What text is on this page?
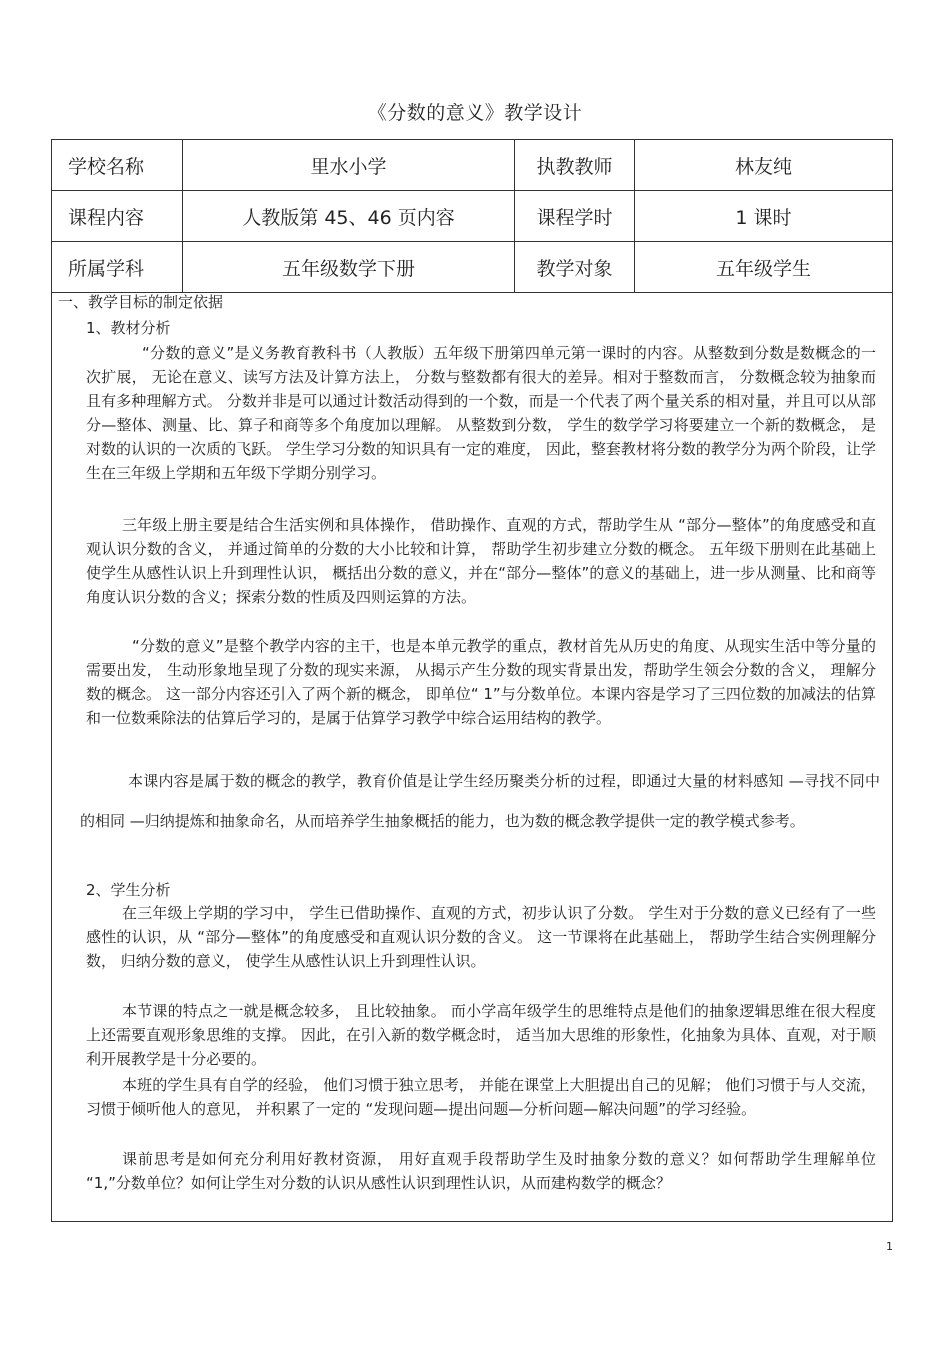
《分数的意义》教学设计
学校名称	里水小学	执教教师	林友纯
课程内容	人教版第 45、46 页内容	课程学时	1 课时
所属学科	五年级数学下册	教学对象	五年级学生
一、教学目标的制定依据
1、教材分析
“分数的意义”是义务教育教科书（人教版）五年级下册第四单元第一课时的内容。从整数到分数是数概念的一次扩展， 无论在意义、读写方法及计算方法上， 分数与整数都有很大的差异。相对于整数而言， 分数概念较为抽象而且有多种理解方式。 分数并非是可以通过计数活动得到的一个数，而是一个代表了两个量关系的相对量，并且可以从部分—整体、测量、比、算子和商等多个角度加以理解。 从整数到分数， 学生的数学学习将要建立一个新的数概念， 是对数的认识的一次质的飞跃。 学生学习分数的知识具有一定的难度， 因此，整套教材将分数的教学分为两个阶段，让学生在三年级上学期和五年级下学期分别学习。
三年级上册主要是结合生活实例和具体操作， 借助操作、直观的方式，帮助学生从 “部分—整体”的角度感受和直观认识分数的含义， 并通过简单的分数的大小比较和计算， 帮助学生初步建立分数的概念。 五年级下册则在此基础上使学生从感性认识上升到理性认识， 概括出分数的意义，并在“部分—整体”的意义的基础上，进一步从测量、比和商等角度认识分数的含义；探索分数的性质及四则运算的方法。
“分数的意义”是整个教学内容的主干，也是本单元教学的重点，教材首先从历史的角度、从现实生活中等分量的需要出发， 生动形象地呈现了分数的现实来源， 从揭示产生分数的现实背景出发，帮助学生领会分数的含义， 理解分数的概念。 这一部分内容还引入了两个新的概念， 即单位“ 1”与分数单位。本课内容是学习了三四位数的加减法的估算和一位数乘除法的估算后学习的，是属于估算学习教学中综合运用结构的教学。
本课内容是属于数的概念的教学，教育价值是让学生经历聚类分析的过程，即通过大量的材料感知 —寻找不同中的相同 —归纳提炼和抽象命名，从而培养学生抽象概括的能力，也为数的概念教学提供一定的教学模式参考。
2、学生分析
在三年级上学期的学习中， 学生已借助操作、直观的方式，初步认识了分数。 学生对于分数的意义已经有了一些感性的认识，从 “部分—整体”的角度感受和直观认识分数的含义。 这一节课将在此基础上， 帮助学生结合实例理解分数， 归纳分数的意义， 使学生从感性认识上升到理性认识。
本节课的特点之一就是概念较多， 且比较抽象。 而小学高年级学生的思维特点是他们的抽象逻辑思维在很大程度上还需要直观形象思维的支撑。 因此，在引入新的数学概念时， 适当加大思维的形象性，化抽象为具体、直观，对于顺利开展教学是十分必要的。
本班的学生具有自学的经验， 他们习惯于独立思考， 并能在课堂上大胆提出自己的见解； 他们习惯于与人交流， 习惯于倾听他人的意见， 并积累了一定的 “发现问题—提出问题—分析问题—解决问题”的学习经验。
课前思考是如何充分利用好教材资源， 用好直观手段帮助学生及时抽象分数的意义？如何帮助学生理解单位 “1,”分数单位？如何让学生对分数的认识从感性认识到理性认识，从而建构数学的概念？
1
